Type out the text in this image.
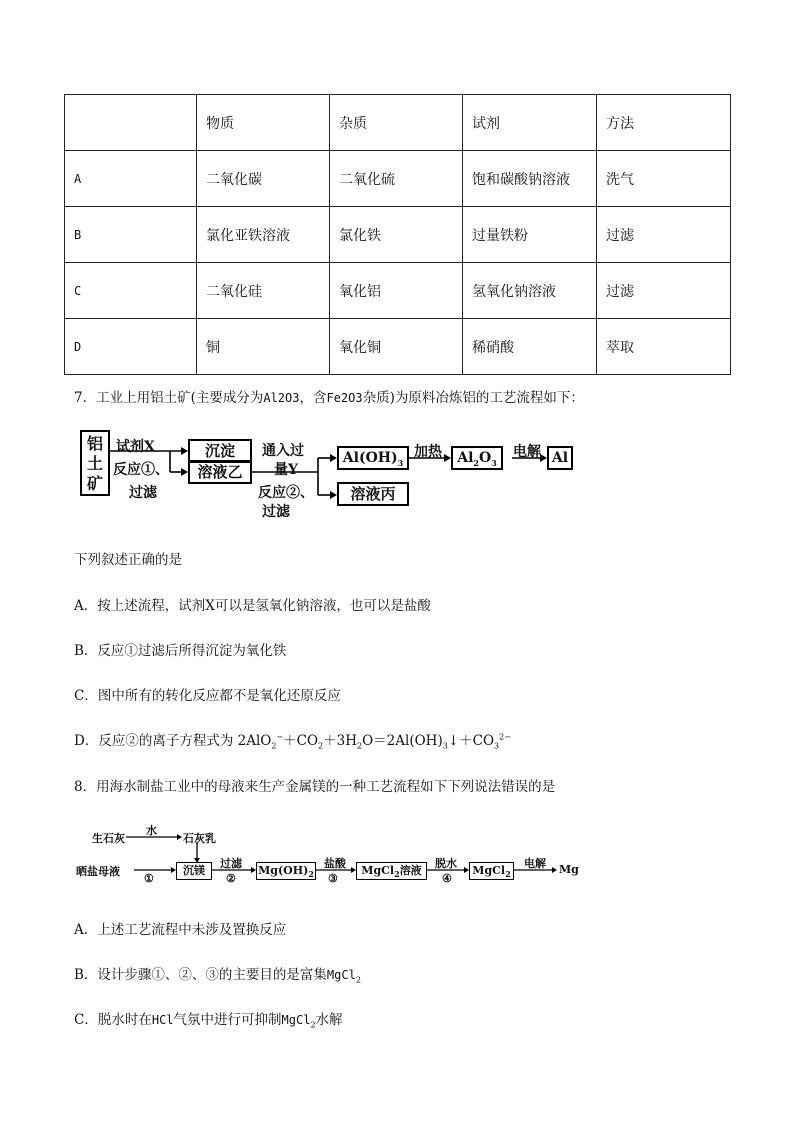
	物质	杂质	试剂	方法
A	二氧化碳	二氧化硫	饱和碳酸钠溶液	洗气
B	氯化亚铁溶液	氯化铁	过量铁粉	过滤
C	二氧化硅	氧化铝	氢氧化钠溶液	过滤
D	铜	氧化铜	稀硝酸	萃取
7．工业上用铝土矿(主要成分为Al2O3，含Fe2O3杂质)为原料冶炼铝的工艺流程如下：
铝土矿
试剂X
反应①、
过滤
沉淀
溶液乙
通入过
量Y
反应②、
过滤
$Al(OH)_3$
溶液丙
加热	$Al_2O_3$
电解 Al
下列叙述正确的是
A．按上述流程，试剂X可以是氢氧化钠溶液，也可以是盐酸
B．反应①过滤后所得沉淀为氧化铁
C．图中所有的转化反应都不是氧化还原反应
D．反应②的离子方程式为 $2AlO_2^-+CO_2+3H_2O=2Al(OH)_3↓+CO_3^{2-}$
8．用海水制盐工业中的母液来生产金属镁的一种工艺流程如下下列说法错误的是
生石灰
水
石灰乳
晒盐母液
①
沉镁
过滤
②
$Mg(OH)_2$
盐酸
③
MgCl$_2$溶液
脱水
④
MgCl$_2$
电解 Mg
A．上述工艺流程中未涉及置换反应
B．设计步骤①、②、③的主要目的是富集MgCl$_2$
C．脱水时在HCl气氛中进行可抑制MgCl$_2$水解
